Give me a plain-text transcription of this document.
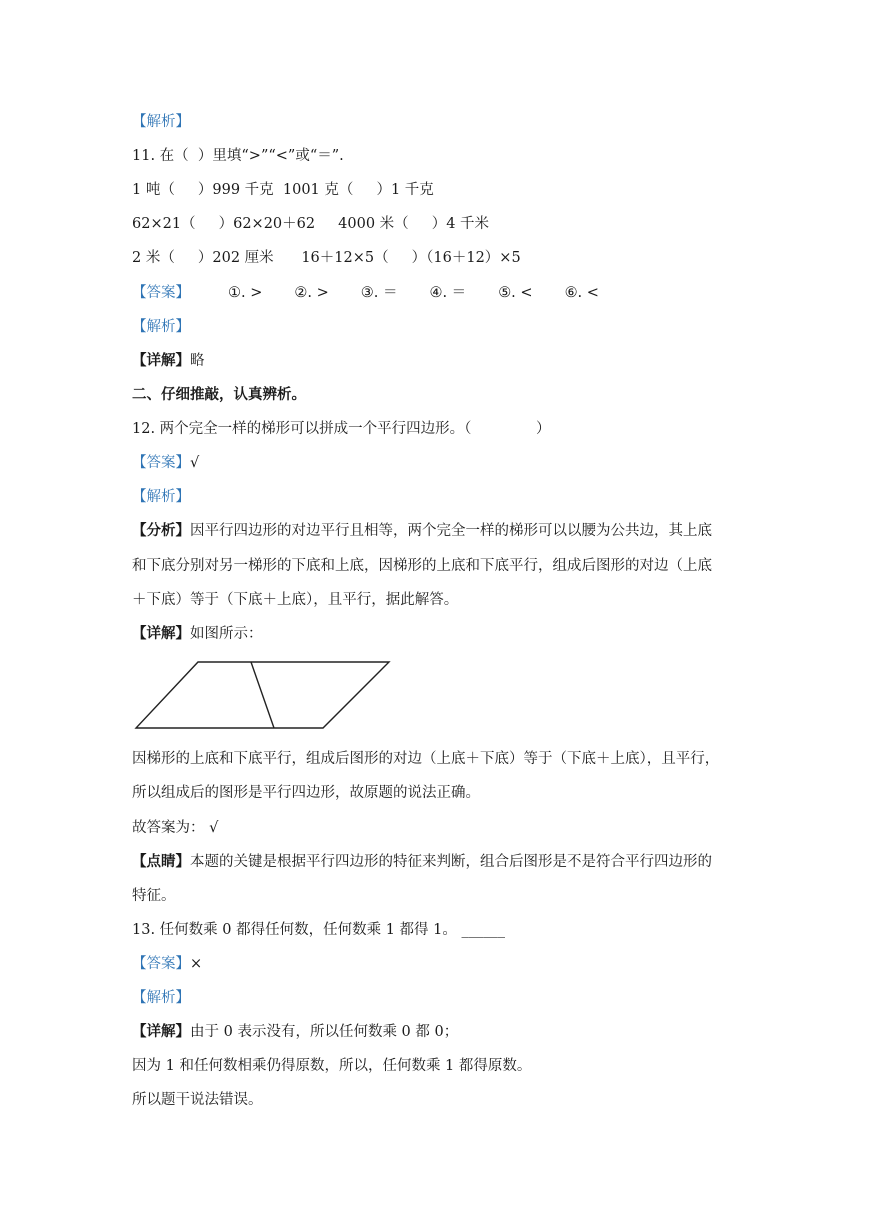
【解析】
11. 在（  ）里填“>”“<”或“＝”.
1 吨（     ）999 千克  1001 克（     ）1 千克
62×21（     ）62×20＋62     4000 米（     ）4 千米
2 米（     ）202 厘米      16＋12×5（     ）（16＋12）×5
【答案】	①. > ②. > ③. ＝ ④. ＝ ⑤. < ⑥. <
【解析】
【详解】略
二、仔细推敲，认真辨析。
12. 两个完全一样的梯形可以拼成一个平行四边形。（              ）
【答案】√
【解析】
【分析】因平行四边形的对边平行且相等，两个完全一样的梯形可以以腰为公共边，其上底
和下底分别对另一梯形的下底和上底，因梯形的上底和下底平行，组成后图形的对边（上底
＋下底）等于（下底＋上底），且平行，据此解答。
【详解】如图所示：
因梯形的上底和下底平行，组成后图形的对边（上底＋下底）等于（下底＋上底），且平行，
所以组成后的图形是平行四边形，故原题的说法正确。
故答案为： √
【点睛】本题的关键是根据平行四边形的特征来判断，组合后图形是不是符合平行四边形的
特征。
13. 任何数乘 0 都得任何数，任何数乘 1 都得 1。 ______
【答案】×
【解析】
【详解】由于 0 表示没有，所以任何数乘 0 都 0；
因为 1 和任何数相乘仍得原数，所以，任何数乘 1 都得原数。
所以题干说法错误。
